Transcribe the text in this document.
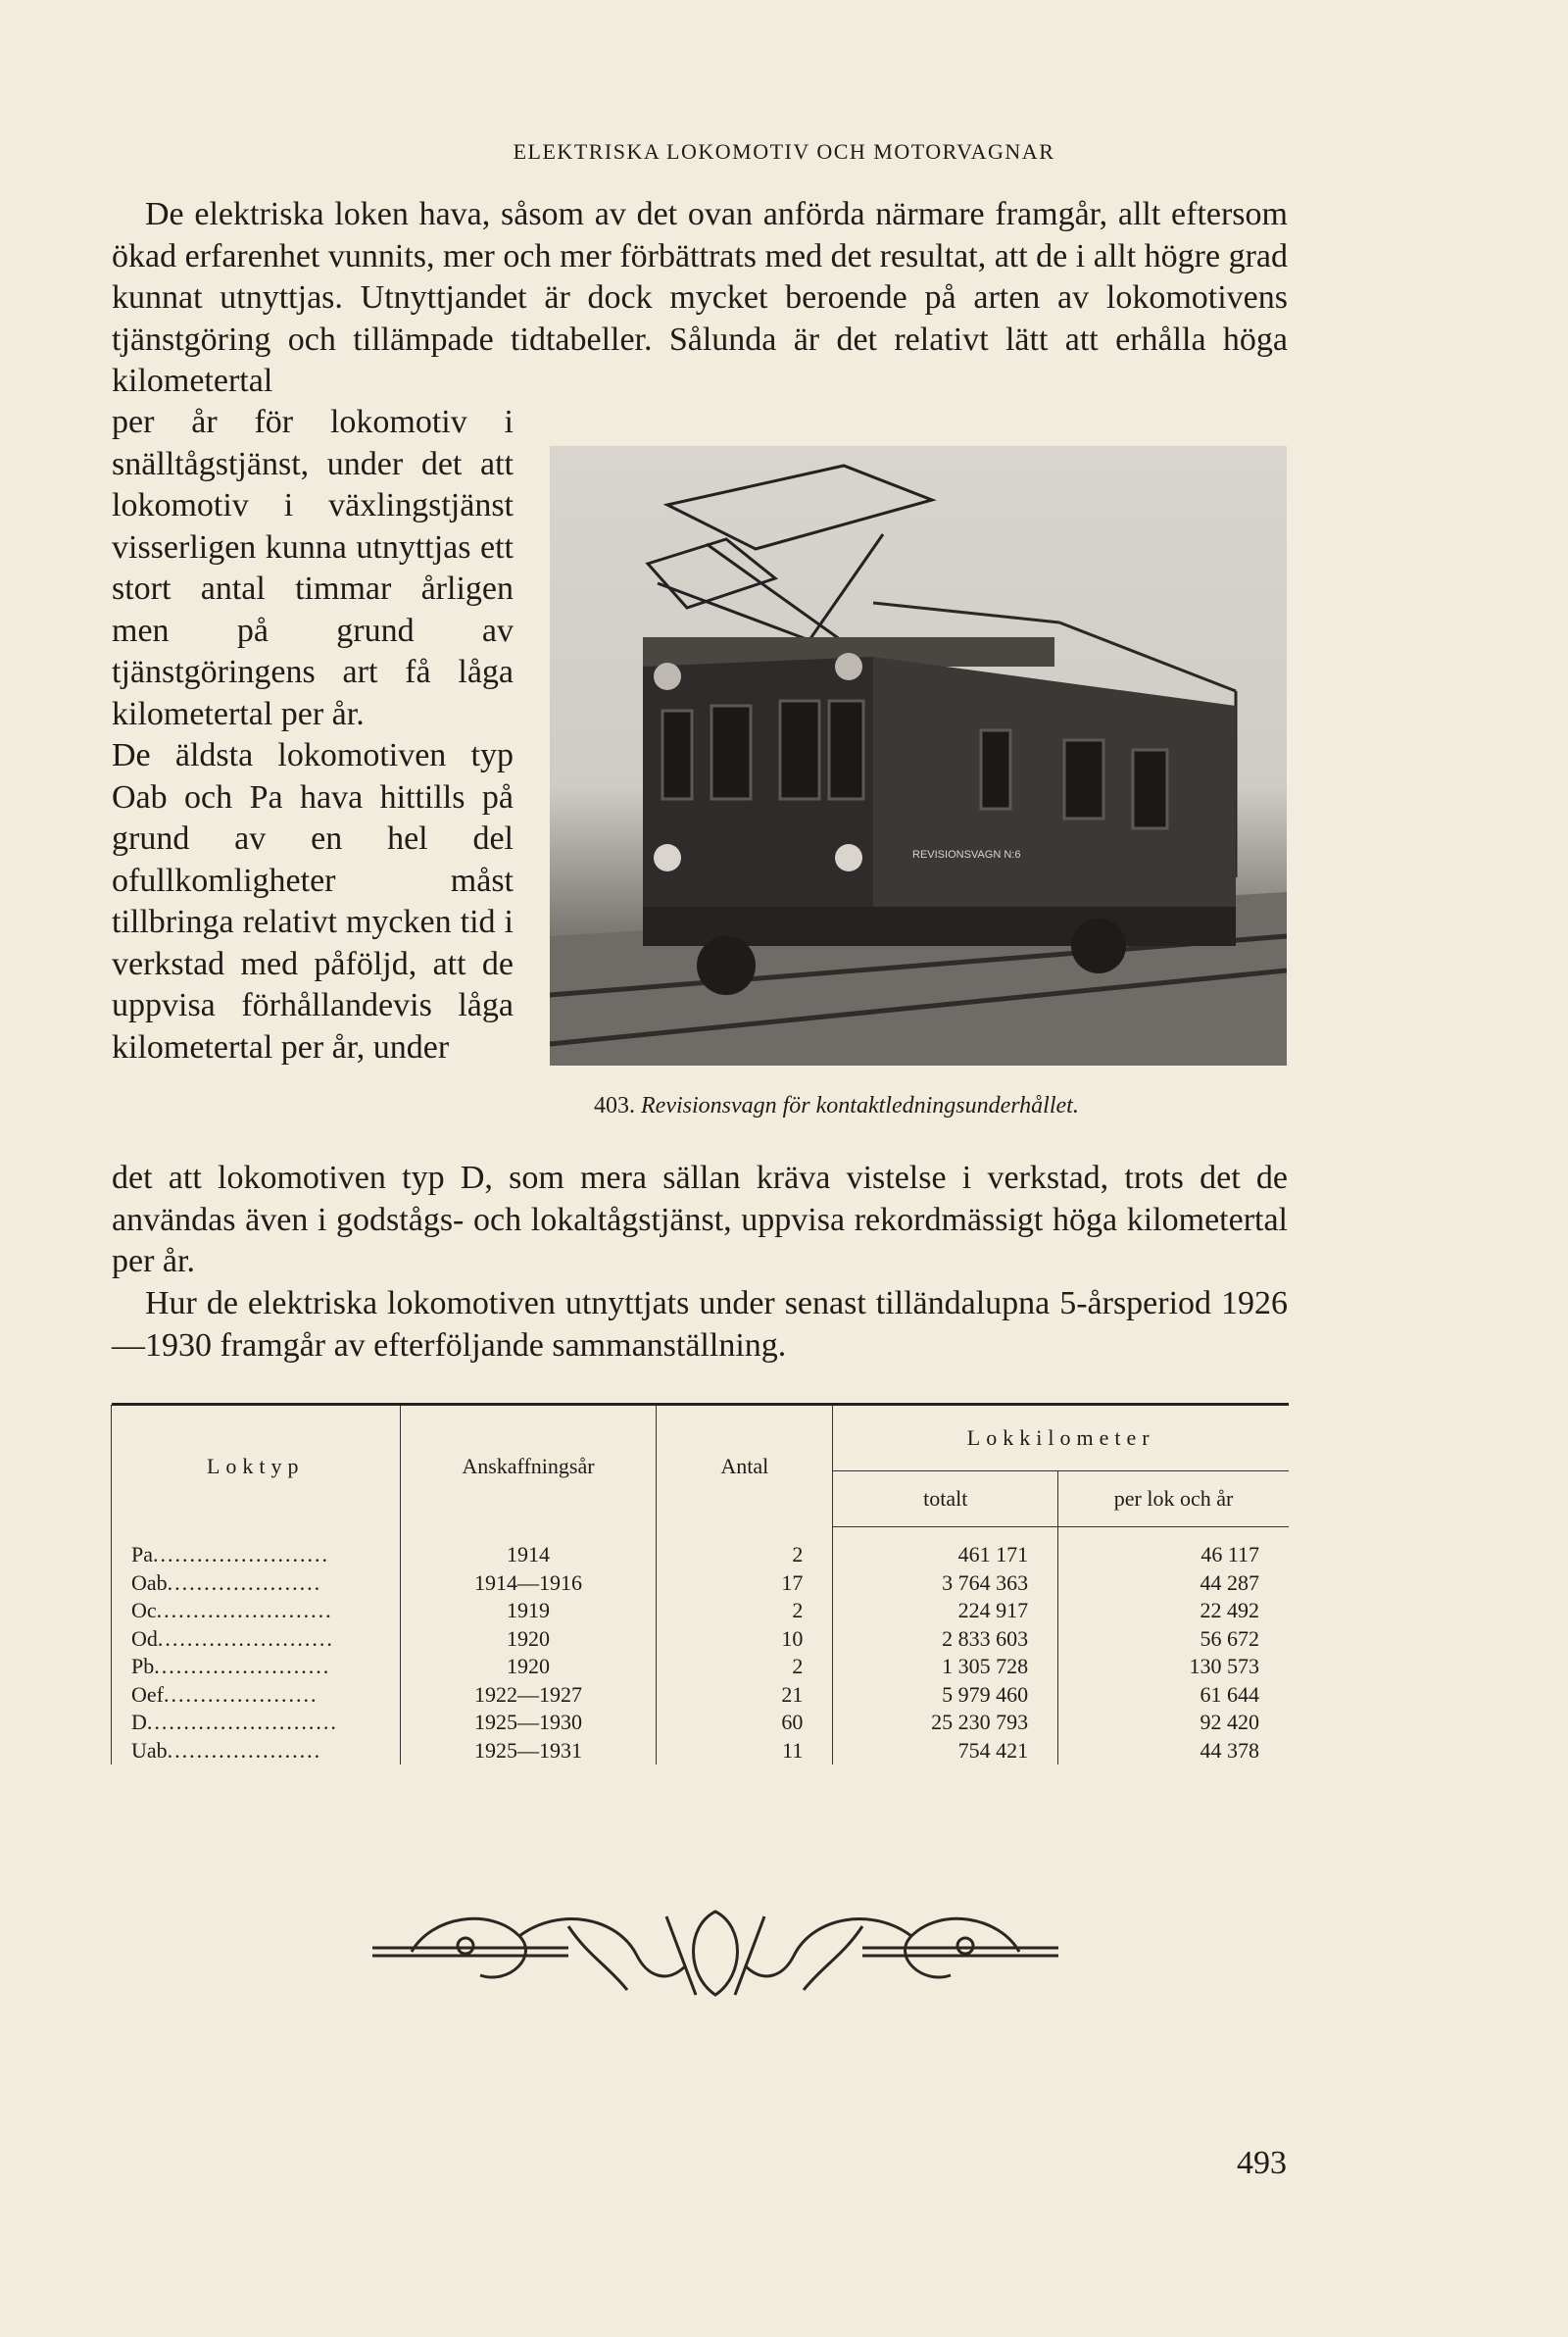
ELEKTRISKA LOKOMOTIV OCH MOTORVAGNAR

De elektriska loken hava, såsom av det ovan anförda närmare framgår, allt eftersom ökad erfarenhet vunnits, mer och mer förbättrats med det resultat, att de i allt högre grad kunnat utnyttjas. Utnyttjandet är dock mycket beroende på arten av lokomotivens tjänstgöring och tillämpade tidtabeller. Sålunda är det relativt lätt att erhålla höga kilometertal

per år för lokomotiv i snälltågstjänst, under det att lokomotiv i växlingstjänst visserligen kunna utnyttjas ett stort antal timmar årligen men på grund av tjänstgöringens art få låga kilometertal per år.

De äldsta lokomotiven typ Oab och Pa hava hittills på grund av en hel del ofullkomligheter måst tillbringa relativt mycken tid i verkstad med påföljd, att de uppvisa förhållandevis låga kilometertal per år, under

det att lokomotiven typ D, som mera sällan kräva vistelse i verkstad, trots det de användas även i godstågs- och lokaltågstjänst, uppvisa rekordmässigt höga kilometertal per år.

Hur de elektriska lokomotiven utnyttjats under senast tilländalupna 5-årsperiod 1926—1930 framgår av efterföljande sammanställning.

REVISIONSVAGN N:6
403. Revisionsvagn för kontaktledningsunderhållet.

Loktyp	Anskaffningsår	Antal	Lokkilometer	
			totalt	per lok och år
Pa........................	1914	2	461 171	46 117
Oab.....................	1914—1916	17	3 764 363	44 287
Oc........................	1919	2	224 917	22 492
Od........................	1920	10	2 833 603	56 672
Pb........................	1920	2	1 305 728	130 573
Oef.....................	1922—1927	21	5 979 460	61 644
D..........................	1925—1930	60	25 230 793	92 420
Uab.....................	1925—1931	11	754 421	44 378
493
